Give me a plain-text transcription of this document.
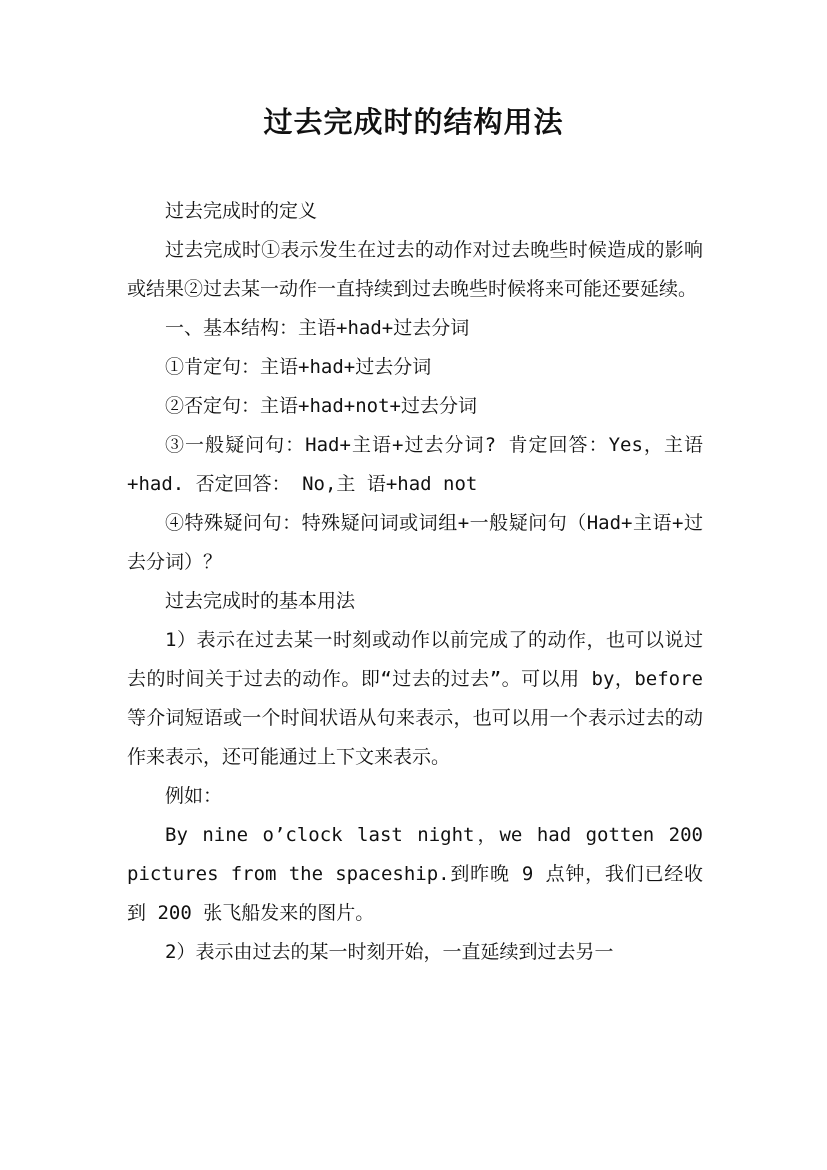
过去完成时的结构用法

过去完成时的定义

过去完成时①表示发生在过去的动作对过去晚些时候造成的影响或结果②过去某一动作一直持续到过去晚些时候将来可能还要延续。

一、基本结构：主语+had+过去分词

①肯定句：主语+had+过去分词

②否定句：主语+had+not+过去分词

③一般疑问句：Had+主语+过去分词? 肯定回答：Yes，主语+had. 否定回答： No,主 语+had not

④特殊疑问句：特殊疑问词或词组+一般疑问句（Had+主语+过去分词）？

过去完成时的基本用法

1）表示在过去某一时刻或动作以前完成了的动作，也可以说过去的时间关于过去的动作。即“过去的过去”。可以用 by，before 等介词短语或一个时间状语从句来表示，也可以用一个表示过去的动作来表示，还可能通过上下文来表示。

例如：

By nine o’clock last night，we had gotten 200 pictures from the spaceship.到昨晚 9 点钟，我们已经收到 200 张飞船发来的图片。

2）表示由过去的某一时刻开始，一直延续到过去另一
